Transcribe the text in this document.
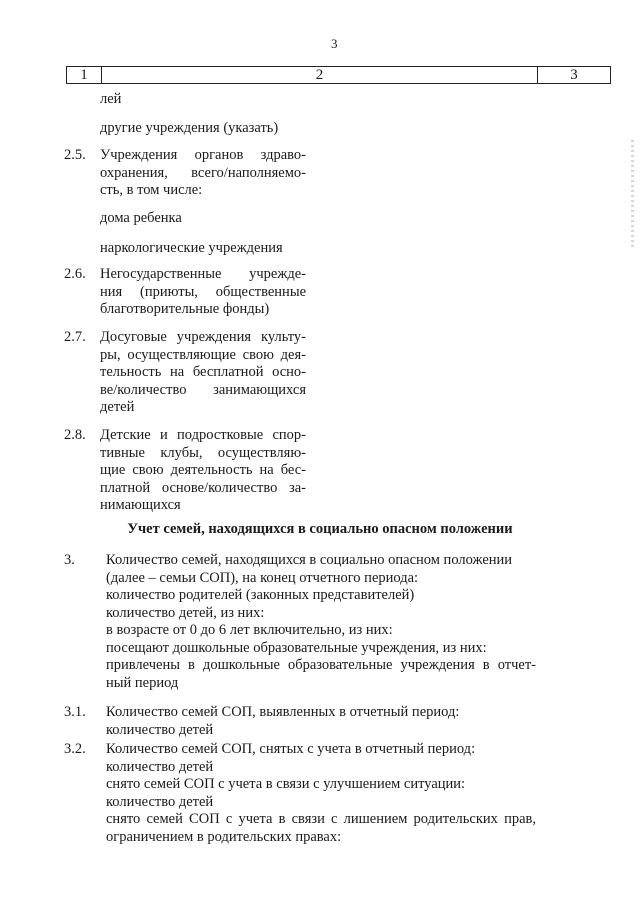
3
1	2	3
лей
другие учреждения (указать)
2.5. Учреждения органов здраво-
охранения, всего/наполняемо-
сть, в том числе:
дома ребенка
наркологические учреждения
2.6. Негосударственные учрежде-
ния (приюты, общественные
благотворительные фонды)
2.7. Досуговые учреждения культу-
ры, осуществляющие свою дея-
тельность на бесплатной осно-
ве/количество занимающихся
детей
2.8. Детские и подростковые спор-
тивные клубы, осуществляю-
щие свою деятельность на бес-
платной основе/количество за-
нимающихся
Учет семей, находящихся в социально опасном положении
3.	Количество семей, находящихся в социально опасном положении
(далее – семьи СОП), на конец отчетного периода:
количество родителей (законных представителей)
количество детей, из них:
в возрасте от 0 до 6 лет включительно, из них:
посещают дошкольные образовательные учреждения, из них:
привлечены в дошкольные образовательные учреждения в отчет-
ный период
3.1.	Количество семей СОП, выявленных в отчетный период:
количество детей
3.2.	Количество семей СОП, снятых с учета в отчетный период:
количество детей
снято семей СОП с учета в связи с улучшением ситуации:
количество детей
снято семей СОП с учета в связи с лишением родительских прав,
ограничением в родительских правах:
